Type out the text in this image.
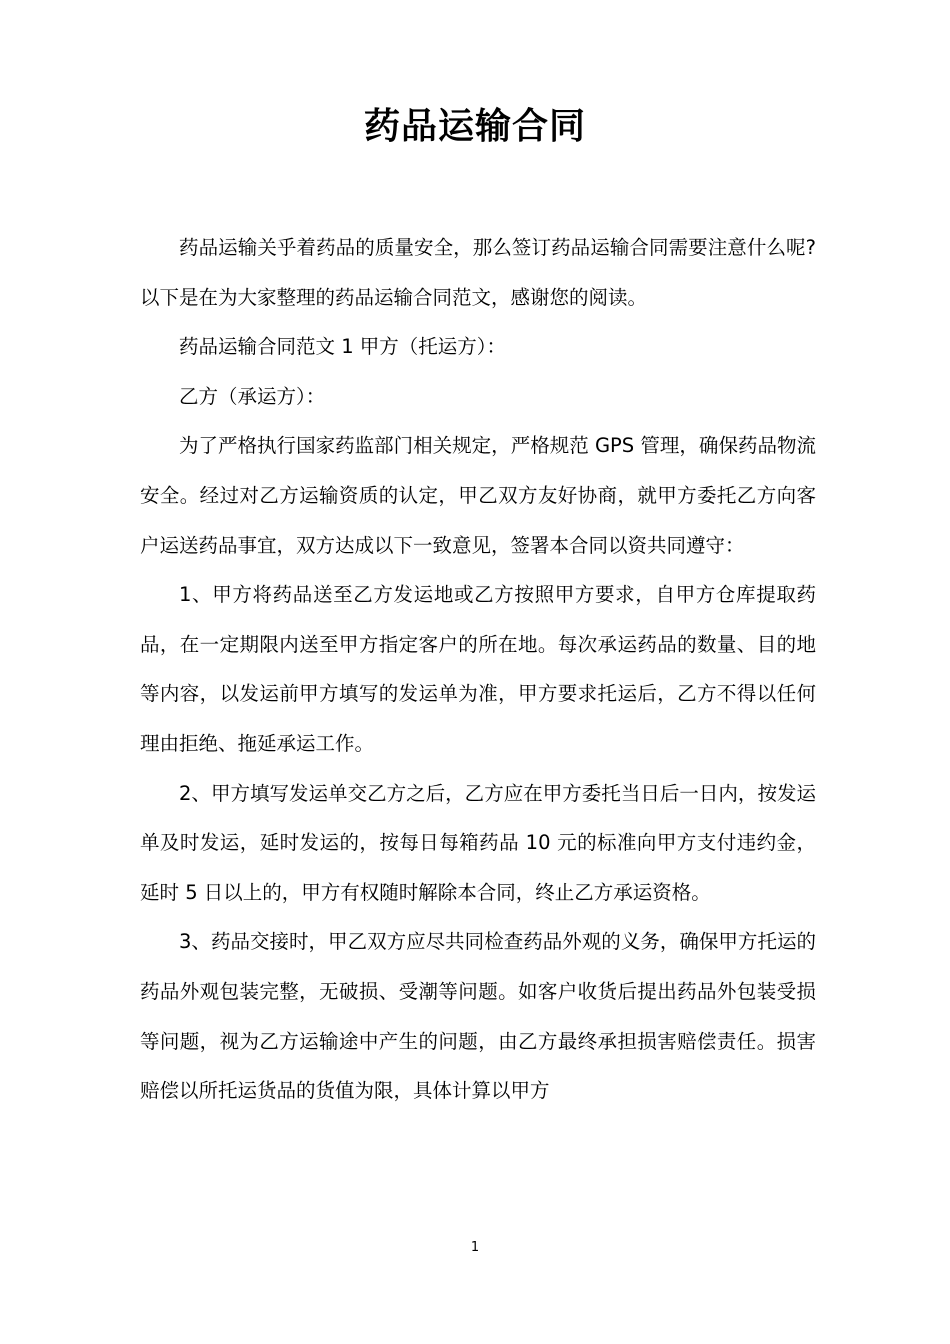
药品运输合同

药品运输关乎着药品的质量安全，那么签订药品运输合同需要注意什么呢?以下是在为大家整理的药品运输合同范文，感谢您的阅读。

药品运输合同范文 1 甲方（托运方）：

乙方（承运方）：

为了严格执行国家药监部门相关规定，严格规范 GPS 管理，确保药品物流安全。经过对乙方运输资质的认定，甲乙双方友好协商，就甲方委托乙方向客户运送药品事宜，双方达成以下一致意见，签署本合同以资共同遵守：

1、甲方将药品送至乙方发运地或乙方按照甲方要求，自甲方仓库提取药品，在一定期限内送至甲方指定客户的所在地。每次承运药品的数量、目的地等内容，以发运前甲方填写的发运单为准，甲方要求托运后，乙方不得以任何理由拒绝、拖延承运工作。

2、甲方填写发运单交乙方之后，乙方应在甲方委托当日后一日内，按发运单及时发运，延时发运的，按每日每箱药品 10 元的标准向甲方支付违约金，延时 5 日以上的，甲方有权随时解除本合同，终止乙方承运资格。

3、药品交接时，甲乙双方应尽共同检查药品外观的义务，确保甲方托运的药品外观包装完整，无破损、受潮等问题。如客户收货后提出药品外包装受损等问题，视为乙方运输途中产生的问题，由乙方最终承担损害赔偿责任。损害赔偿以所托运货品的货值为限，具体计算以甲方

1
